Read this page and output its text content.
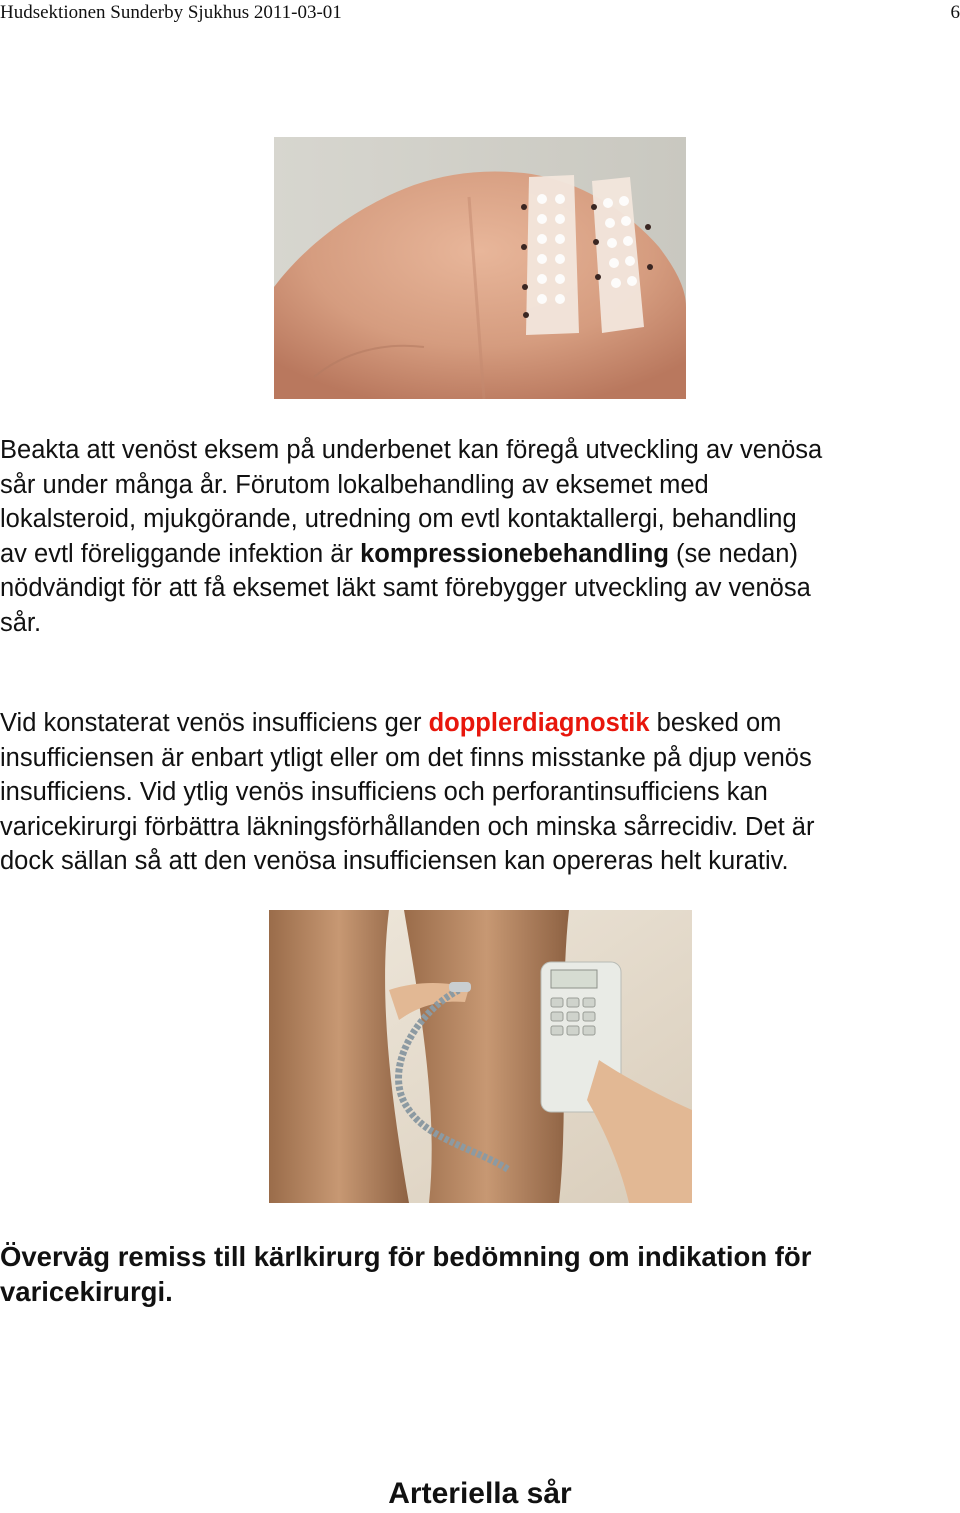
Hudsektionen Sunderby Sjukhus 2011-03-01	6
Beakta att venöst eksem på underbenet kan föregå utveckling av venösa
sår under många år. Förutom lokalbehandling av eksemet med
lokalsteroid, mjukgörande, utredning om evtl kontaktallergi, behandling
av evtl föreliggande infektion är kompressionebehandling (se nedan)
nödvändigt för att få eksemet läkt samt förebygger utveckling av venösa
sår.
Vid konstaterat venös insufficiens ger dopplerdiagnostik besked om
insufficiensen är enbart ytligt eller om det finns misstanke på djup venös
insufficiens. Vid ytlig venös insufficiens och perforantinsufficiens kan
varicekirurgi förbättra läkningsförhållanden och minska sårrecidiv. Det är
dock sällan så att den venösa insufficiensen kan opereras helt kurativ.
Överväg remiss till kärlkirurg för bedömning om indikation för
varicekirurgi.
Arteriella sår
